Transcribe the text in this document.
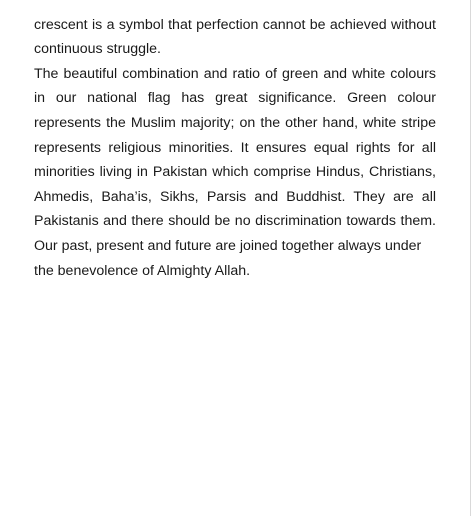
crescent is a symbol that perfection cannot be achieved without
continuous struggle.
The beautiful combination and ratio of green and white colours
in our national flag has great significance. Green colour
represents the Muslim majority; on the other hand, white stripe
represents religious minorities. It ensures equal rights for all
minorities living in Pakistan which comprise Hindus, Christians,
Ahmedis, Baha’is, Sikhs, Parsis and Buddhist. They are all
Pakistanis and there should be no discrimination towards them.
Our past, present and future are joined together always under
the benevolence of Almighty Allah.
